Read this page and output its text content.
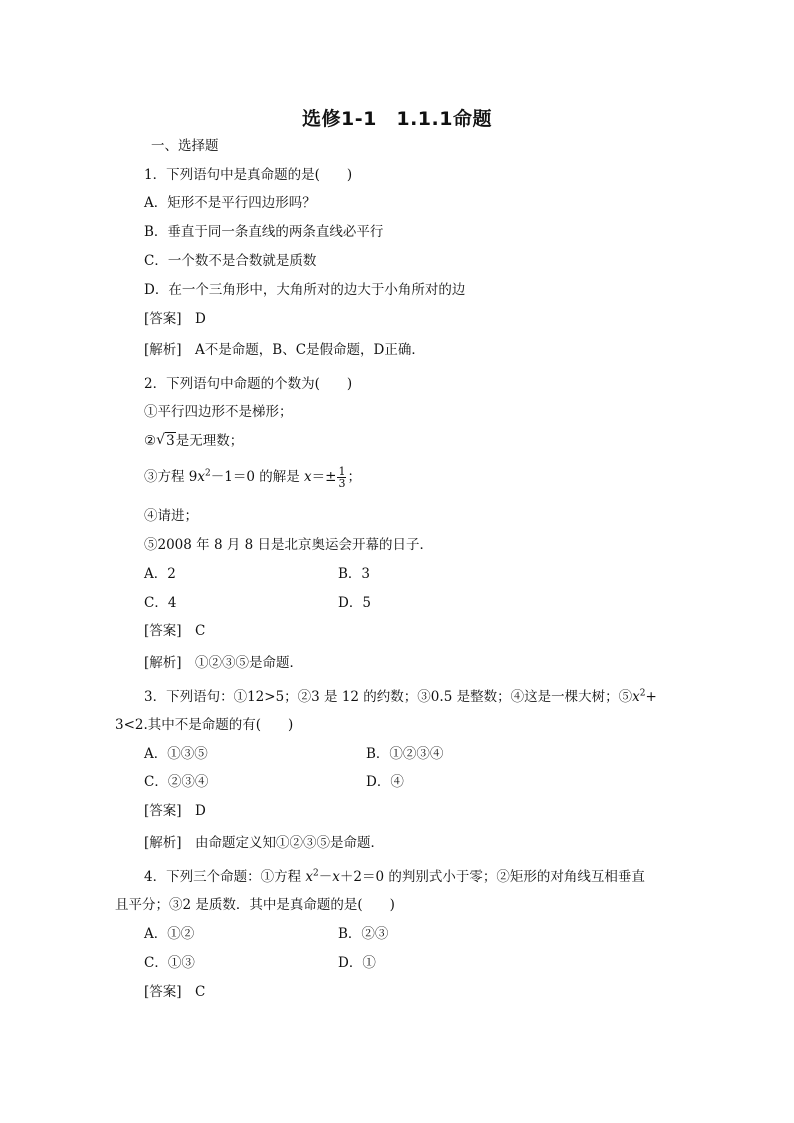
选修1-1　1.1.1命题
一、选择题
1．下列语句中是真命题的是(　　)
A．矩形不是平行四边形吗？
B．垂直于同一条直线的两条直线必平行
C．一个数不是合数就是质数
D．在一个三角形中，大角所对的边大于小角所对的边
[答案]　D
[解析]　A不是命题，B、C是假命题，D正确．
2．下列语句中命题的个数为(　　)
①平行四边形不是梯形；
② √ 3是无理数；
③方程 $9x^2-1=0$ 的解是 $x=\pm \frac{1}{3}$ ；
④请进；
⑤2008 年 8 月 8 日是北京奥运会开幕的日子．
A．2	B．3
C．4	D．5
[答案]　C
[解析]　①②③⑤是命题．
3．下列语句：①12>5；②3 是 12 的约数；③0.5 是整数；④这是一棵大树；$⑤x^2+$
3<2.其中不是命题的有(　　)
A．①③⑤	B．①②③④
C．②③④	D．④
[答案]　D
[解析]　由命题定义知①②③⑤是命题．
4．下列三个命题：①方程 $x^2-x+2=0$ 的判别式小于零；②矩形的对角线互相垂直
且平分；③2 是质数．其中是真命题的是(　　)
A．①②	B．②③
C．①③	D．①
[答案]　C
